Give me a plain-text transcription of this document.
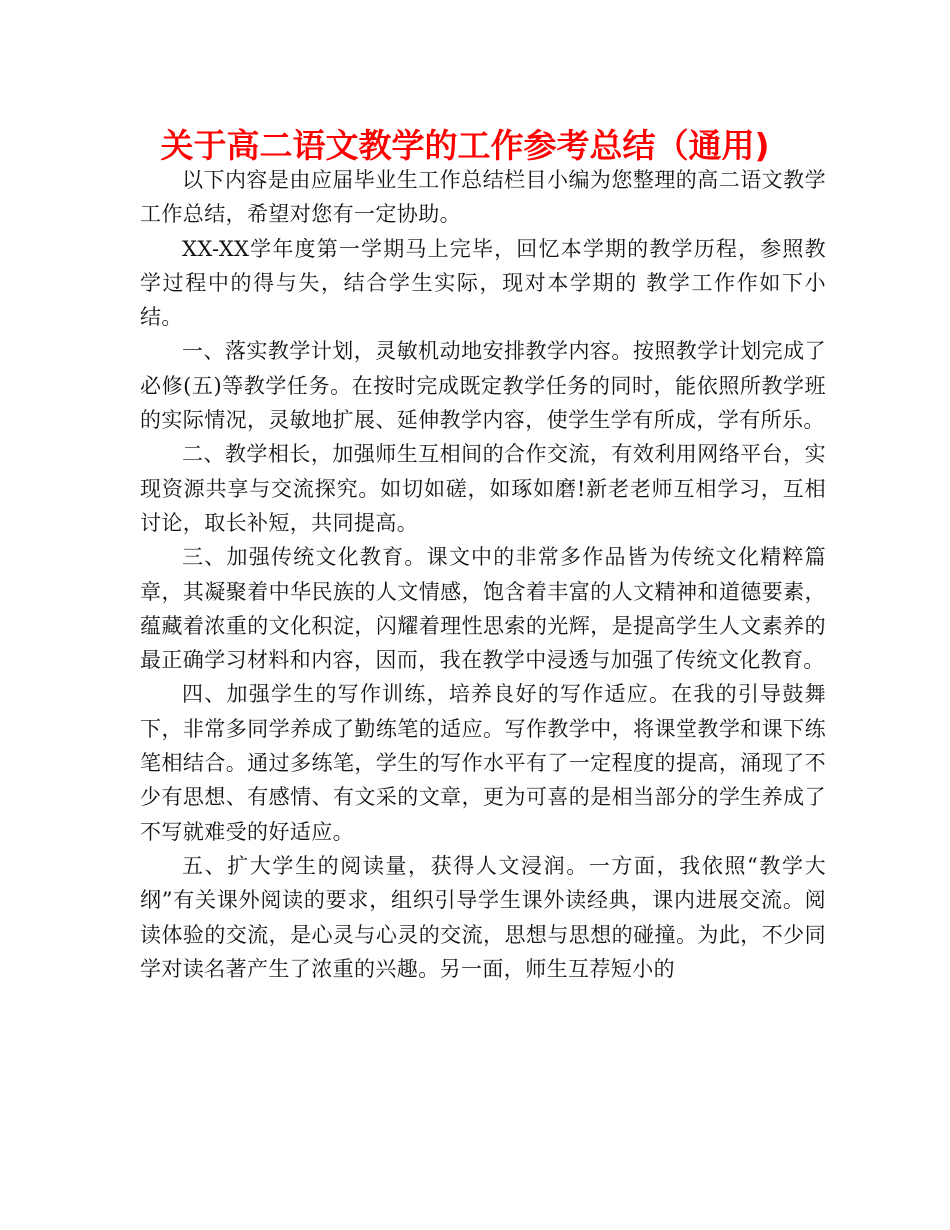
关于高二语文教学的工作参考总结（通用)

以下内容是由应届毕业生工作总结栏目小编为您整理的高二语文教学工作总结，希望对您有一定协助。

XX-XX学年度第一学期马上完毕，回忆本学期的教学历程，参照教学过程中的得与失，结合学生实际，现对本学期的 教学工作作如下小结。

一、落实教学计划，灵敏机动地安排教学内容。按照教学计划完成了必修(五)等教学任务。在按时完成既定教学任务的同时，能依照所教学班的实际情况，灵敏地扩展、延伸教学内容，使学生学有所成，学有所乐。

二、教学相长，加强师生互相间的合作交流，有效利用网络平台，实现资源共享与交流探究。如切如磋，如琢如磨!新老老师互相学习，互相讨论，取长补短，共同提高。

三、加强传统文化教育。课文中的非常多作品皆为传统文化精粹篇章，其凝聚着中华民族的人文情感，饱含着丰富的人文精神和道德要素，蕴藏着浓重的文化积淀，闪耀着理性思索的光辉，是提高学生人文素养的最正确学习材料和内容，因而，我在教学中浸透与加强了传统文化教育。

四、加强学生的写作训练，培养良好的写作适应。在我的引导鼓舞下，非常多同学养成了勤练笔的适应。写作教学中，将课堂教学和课下练笔相结合。通过多练笔，学生的写作水平有了一定程度的提高，涌现了不少有思想、有感情、有文采的文章，更为可喜的是相当部分的学生养成了不写就难受的好适应。

五、扩大学生的阅读量，获得人文浸润。一方面，我依照“教学大纲”有关课外阅读的要求，组织引导学生课外读经典，课内进展交流。阅读体验的交流，是心灵与心灵的交流，思想与思想的碰撞。为此，不少同学对读名著产生了浓重的兴趣。另一面，师生互荐短小的
